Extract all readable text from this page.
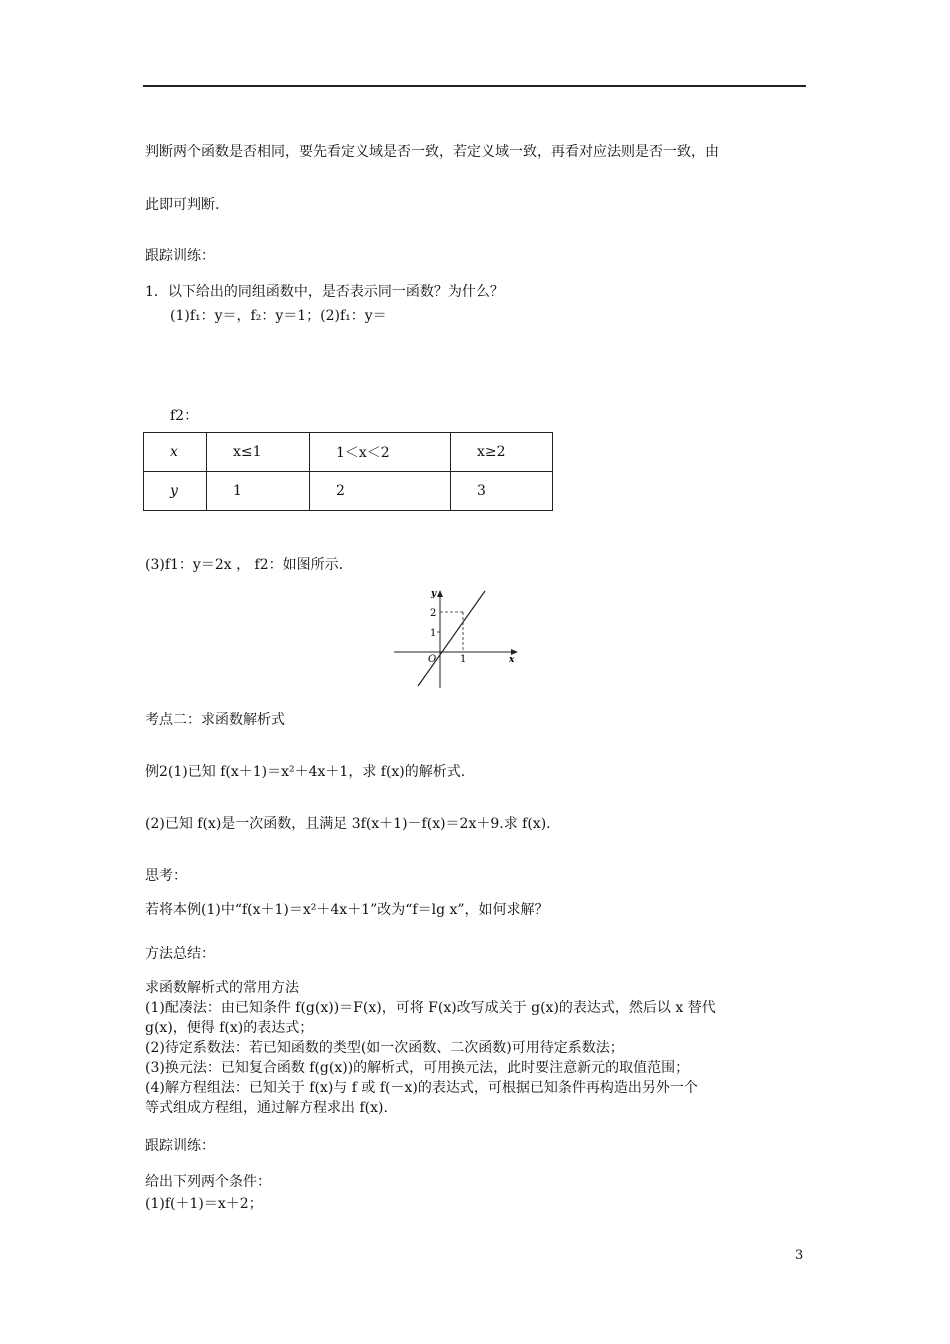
判断两个函数是否相同，要先看定义域是否一致，若定义域一致，再看对应法则是否一致，由
此即可判断.
跟踪训练：
1．以下给出的同组函数中，是否表示同一函数？为什么？
(1)f₁：y＝，f₂：y＝1；(2)f₁：y＝
f2：
x	x≤1	1＜x＜2	x≥2
y	1	2	3
(3)f1：y＝2x ， f2：如图所示.
y
2
1
O 1	x
考点二：求函数解析式
例2(1)已知 f(x＋1)＝x²＋4x＋1，求 f(x)的解析式.
(2)已知 f(x)是一次函数，且满足 3f(x＋1)－f(x)＝2x＋9.求 f(x).
思考：
若将本例(1)中“f(x＋1)＝x²＋4x＋1”改为“f＝lg x”，如何求解？
方法总结：
求函数解析式的常用方法
(1)配凑法：由已知条件 f(g(x))＝F(x)，可将 F(x)改写成关于 g(x)的表达式，然后以 x 替代
g(x)，便得 f(x)的表达式；
(2)待定系数法：若已知函数的类型(如一次函数、二次函数)可用待定系数法；
(3)换元法：已知复合函数 f(g(x))的解析式，可用换元法，此时要注意新元的取值范围；
(4)解方程组法：已知关于 f(x)与 f 或 f(－x)的表达式，可根据已知条件再构造出另外一个
等式组成方程组，通过解方程求出 f(x).
跟踪训练：
给出下列两个条件：
(1)f(＋1)＝x＋2；
3
